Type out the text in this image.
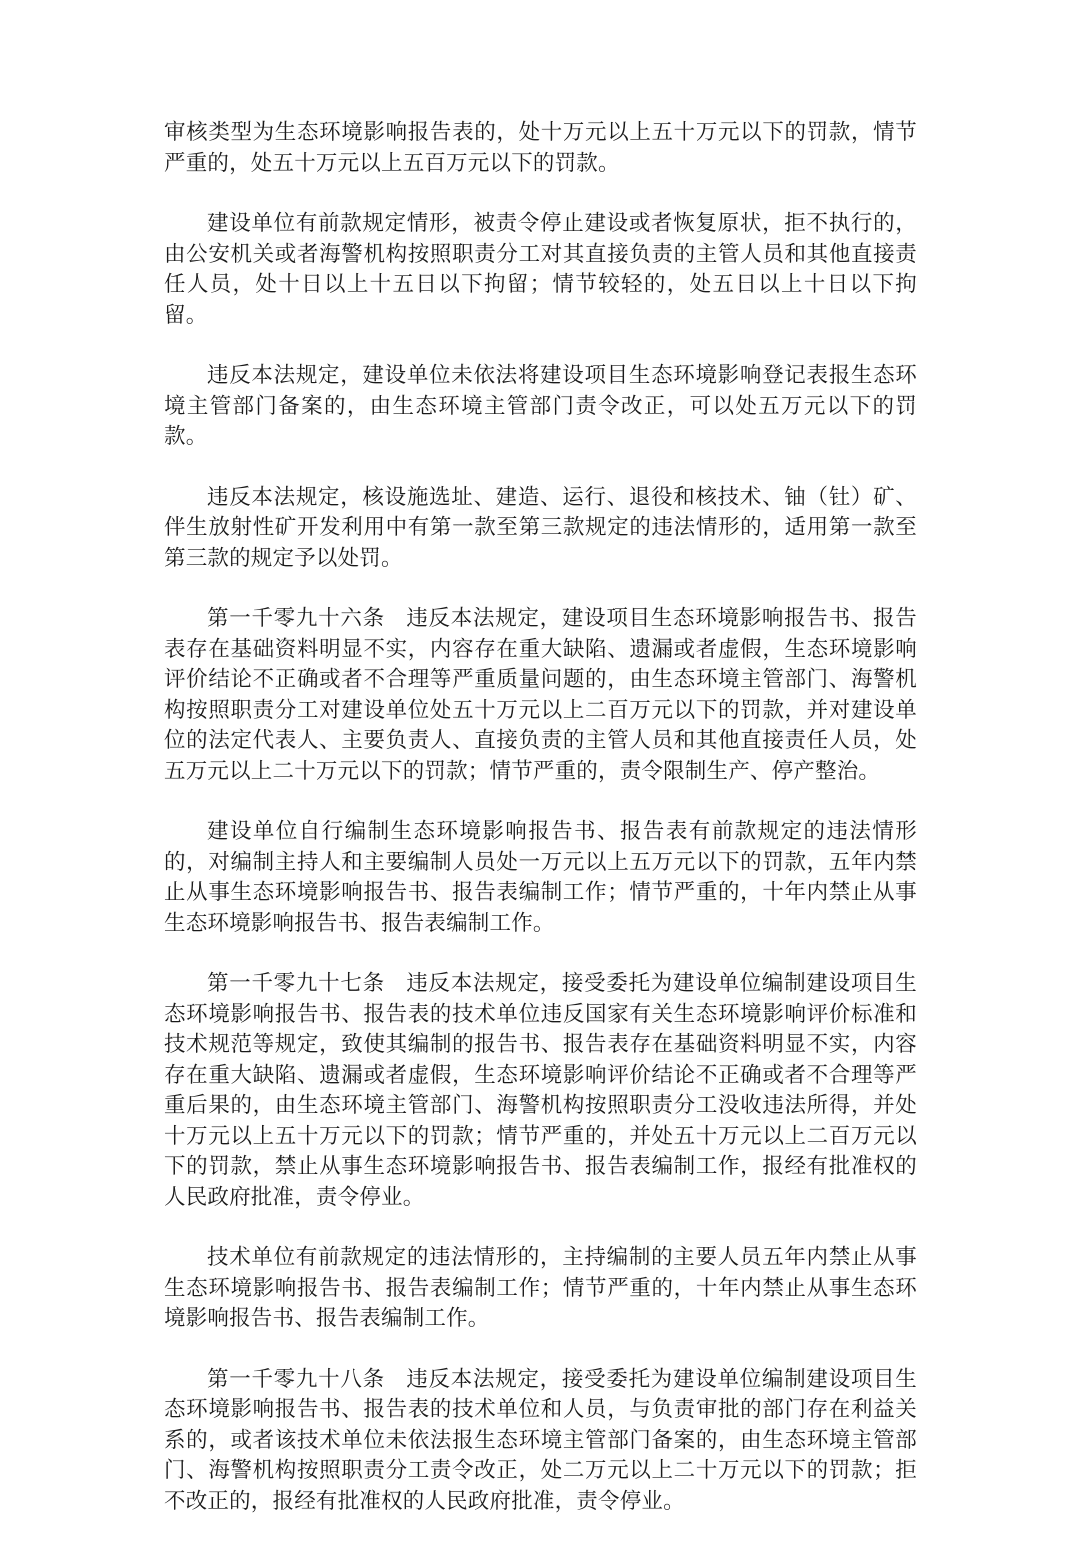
审核类型为生态环境影响报告表的，处十万元以上五十万元以下的罚款，情节严重的，处五十万元以上五百万元以下的罚款。

建设单位有前款规定情形，被责令停止建设或者恢复原状，拒不执行的，由公安机关或者海警机构按照职责分工对其直接负责的主管人员和其他直接责任人员，处十日以上十五日以下拘留；情节较轻的，处五日以上十日以下拘留。

违反本法规定，建设单位未依法将建设项目生态环境影响登记表报生态环境主管部门备案的，由生态环境主管部门责令改正，可以处五万元以下的罚款。

违反本法规定，核设施选址、建造、运行、退役和核技术、铀（钍）矿、伴生放射性矿开发利用中有第一款至第三款规定的违法情形的，适用第一款至第三款的规定予以处罚。

第一千零九十六条 违反本法规定，建设项目生态环境影响报告书、报告表存在基础资料明显不实，内容存在重大缺陷、遗漏或者虚假，生态环境影响评价结论不正确或者不合理等严重质量问题的，由生态环境主管部门、海警机构按照职责分工对建设单位处五十万元以上二百万元以下的罚款，并对建设单位的法定代表人、主要负责人、直接负责的主管人员和其他直接责任人员，处五万元以上二十万元以下的罚款；情节严重的，责令限制生产、停产整治。

建设单位自行编制生态环境影响报告书、报告表有前款规定的违法情形的，对编制主持人和主要编制人员处一万元以上五万元以下的罚款，五年内禁止从事生态环境影响报告书、报告表编制工作；情节严重的，十年内禁止从事生态环境影响报告书、报告表编制工作。

第一千零九十七条 违反本法规定，接受委托为建设单位编制建设项目生态环境影响报告书、报告表的技术单位违反国家有关生态环境影响评价标准和技术规范等规定，致使其编制的报告书、报告表存在基础资料明显不实，内容存在重大缺陷、遗漏或者虚假，生态环境影响评价结论不正确或者不合理等严重后果的，由生态环境主管部门、海警机构按照职责分工没收违法所得，并处十万元以上五十万元以下的罚款；情节严重的，并处五十万元以上二百万元以下的罚款，禁止从事生态环境影响报告书、报告表编制工作，报经有批准权的人民政府批准，责令停业。

技术单位有前款规定的违法情形的，主持编制的主要人员五年内禁止从事生态环境影响报告书、报告表编制工作；情节严重的，十年内禁止从事生态环境影响报告书、报告表编制工作。

第一千零九十八条 违反本法规定，接受委托为建设单位编制建设项目生态环境影响报告书、报告表的技术单位和人员，与负责审批的部门存在利益关系的，或者该技术单位未依法报生态环境主管部门备案的，由生态环境主管部门、海警机构按照职责分工责令改正，处二万元以上二十万元以下的罚款；拒不改正的，报经有批准权的人民政府批准，责令停业。
